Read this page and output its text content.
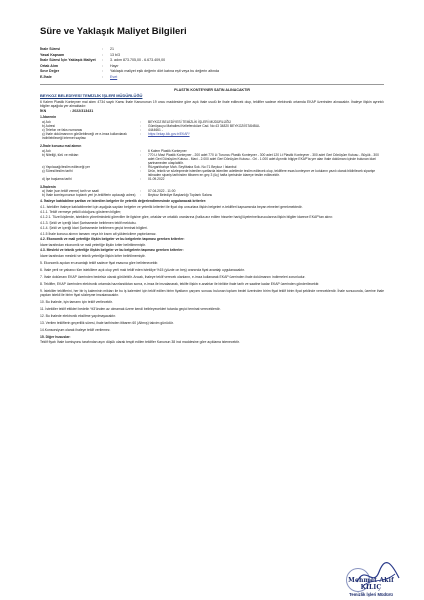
Süre ve Yaklaşık Maliyet Bilgileri
İhale Süresi	:	21
Yasal Kapsam	:	13 b/3
İhale Süresi İçin Yaklaşık Maliyet	:	3. adım 873.705,00 - 6.673.409,00
Ortak Alım	:	Hayır
Sınır Değer	:	Yaklaşık maliyet eşik değerin dört katına eşit veya bu değerin altında
E-İhale	:	Evet

PLASTİK KONTEYNER SATIN ALINACAKTIR

BEYKOZ BELEDİYESİ TEMİZLİK İŞLERİ MÜDÜRLÜĞÜ

6 Kalem Plastik Konteyner mal alımı 4734 sayılı Kamu İhale Kanununun 19 uncu maddesine göre açık ihale usulü ile ihale edilecek olup, teklifler sadece elektronik ortamda EKAP üzerinden alınacaktır. İhaleye ilişkin ayrıntılı bilgiler aşağıda yer almaktadır:

İKN	: 2022/313431
1-İdarenin
a) Adı	:	BEYKOZ BELEDİYESİ TEMİZLİK İŞLERİ MÜDÜRLÜĞÜ
b) Adresi	:	Gümüşsuyu Mahallesi Kelleferoküze Cad. No:43 34820 BEYKOZ/İSTANBUL
c) Telefon ve faks numarası	:	4444661 -
ç) İhale dokümanının görülebileceği ve e-imza kullanılarak indirilebileceği internet sayfası
:	https://ekap.kik.gov.tr/EKAP/
2-İhale konusu mal alımın
a) Adı	:	6 Kalem Plastik Konteyner
b) Niteliği, türü ve miktarı	:	770 Lt Mavi Plastik Konteyner - 200 adet 770 Lt Turuncu Plastik Konteyner - 300 adet 120 Lt Plastik Konteyner - 300 adet Geri Dönüşüm Kutusu - Büyük - 300 adet Geri Dönüşüm Kutusu - Mavi - 2.000 adet Geri Dönüşüm Kutusu - Gri - 1.000 adet Ayrıntılı bilgiye EKAP'ta yer alan ihale dokümanı içinde bulunan idari şartnameden ulaşılabilir.
c) Yapılacağı/teslim edileceği yer	:	Rüzgarlıbahçe Mah. Seyfibaba Sok. No:71 Beykoz / İstanbul
ç) Süresi/teslim tarihi	:	Ürün, teknik ve sözleşmede istenilen şartlarda istenilen adetlerde teslim edilecek olup, tekliflere esas konteyner ve kutuların yazılı olarak bildirilecek siparişe istinaden sipariş tarihinden itibaren en geç 3 (üç) hafta içerisinde idareye teslim edilecektir.
d) İşe başlama tarihi	:	01.09.2022
3-İhalenin
a) İhale (son teklif verme) tarih ve saati	:	07.04.2022 - 11:00
b) İhale komisyonunun toplantı yeri (e-tekliflerin açılacağı adres)	:	Beykoz Belediye Başkanlığı Toplantı Salonu

4. İhaleye katılabilme şartları ve istenilen belgeler ile yeterlik değerlendirmesinde uygulanacak kriterler:

4.1. İstekliler ihaleye katılabilmeleri için aşağıda sayılan belgeler ve yeterlik kriterleri ile fiyat dışı unsurlara ilişkin belgeleri e-teklifleri kapsamında beyan etmeleri gerekmektedir.

4.1.1. Teklif vermeye yetkili olduğunu gösteren bilgiler;

4.1.2.1. Tüzel kişilerde, isteklinin yönetimindeki görevliler ile ilgisine göre, ortaklar ve ortaklık oranlarına (halka arz edilen hisseler hariç)/üyelerine/kurucularına ilişkin bilgiler idarece EKAP'tan alınır.

4.1.3. Şekli ve içeriği İdari Şartnamede belirlenen teklif mektubu.

4.1.4. Şekli ve içeriği İdari Şartnamede belirlenen geçici teminat bilgileri.

4.1.5 İhale konusu alımın tamamı veya bir kısmı alt yüklenicilere yaptırılamaz.

4.2. Ekonomik ve mali yeterliğe ilişkin belgeler ve bu belgelerin taşıması gereken kriterler:

İdare tarafından ekonomik ve mali yeterliğe ilişkin kriter belirtilmemiştir.

4.3. Mesleki ve teknik yeterliğe ilişkin belgeler ve bu belgelerin taşıması gereken kriterler:

İdare tarafından mesleki ve teknik yeterliğe ilişkin kriter belirtilmemiştir.

5. Ekonomik açıdan en avantajlı teklif sadece fiyat esasına göre belirlenecektir.

6. İhale yerli ve yabancı tüm isteklilere açık olup yerli malı teklif eden istekliye %15 (yüzde on beş) oranında fiyat avantajı uygulanacaktır.

7. İhale dokümanı EKAP üzerinden bedelsiz olarak görülebilir. Ancak, ihaleye teklif verecek olanların, e-imza kullanarak EKAP üzerinden ihale dokümanını indirmeleri zorunludur.

8. Teklifler, EKAP üzerinden elektronik ortamda hazırlandıktan sonra, e-imza ile imzalanarak, teklife ilişkin e-anahtar ile birlikte ihale tarih ve saatine kadar EKAP üzerinden gönderilecektir.

9. İstekliler tekliflerini, her bir iş kaleminin miktarı ile bu iş kalemleri için teklif edilen birim fiyatların çarpımı sonucu bulunan toplam bedel üzerinden birim fiyat teklif birim fiyat şeklinde vereceklerdir. İhale sonucunda, üzerine ihale yapılan istekli ile birim fiyat sözleşme imzalanacaktır.

10. Bu ihalede, işin tamamı için teklif verilecektir.

11. İstekliler teklif ettikleri bedelin %3'ünden az olmamak üzere kendi belirleyecekleri tutarda geçici teminat vereceklerdir.

12. Bu ihalede elektronik eksiltme yapılmayacaktır.

13. Verilen tekliflerin geçerlilik süresi, ihale tarihinden itibaren 60 (Altmış) takvim günüdür.

14.Konsorsiyum olarak ihaleye teklif verilemez.

15. Diğer hususlar:

Teklif fiyatı İhale komisyonu tarafından aşırı düşük olarak tespit edilen teklifler Kanunun 38 inci maddesine göre açıklama istenecektir.

Mehmet Akif KILIÇ
Temizlik İşleri Müdürü
